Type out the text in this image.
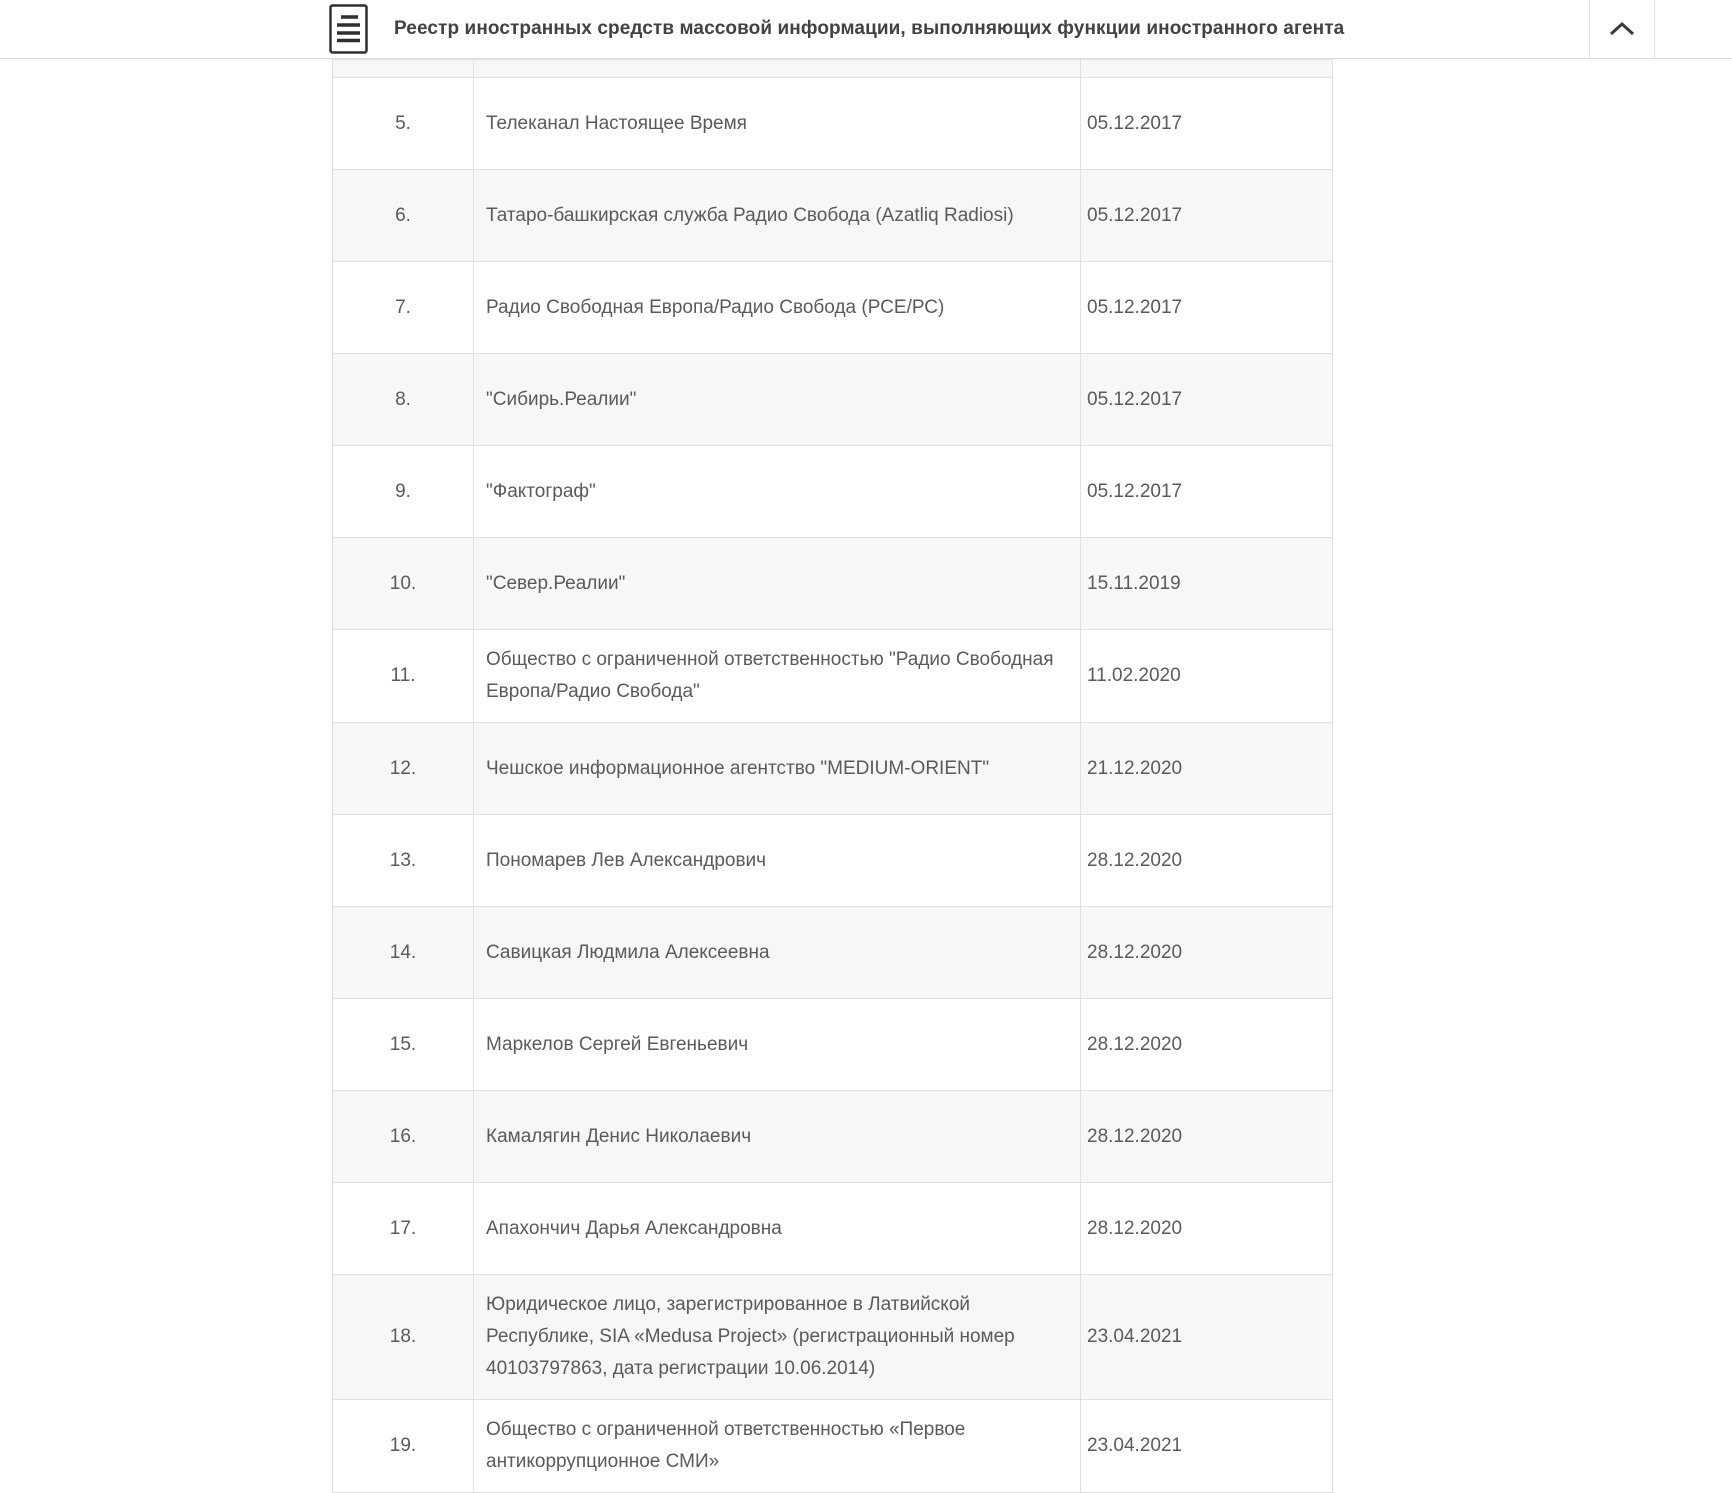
Реестр иностранных средств массовой информации, выполняющих функции иностранного агента

5.	Телеканал Настоящее Время	05.12.2017
6.	Татаро-башкирская служба Радио Свобода (Azatliq Radiosi)	05.12.2017
7.	Радио Свободная Европа/Радио Свобода (РСЕ/РС)	05.12.2017
8.	"Сибирь.Реалии"	05.12.2017
9.	"Фактограф"	05.12.2017
10.	"Север.Реалии"	15.11.2019
11.	Общество с ограниченной ответственностью "Радио Свободная Европа/Радио Свобода"	11.02.2020
12.	Чешское информационное агентство "MEDIUM-ORIENT"	21.12.2020
13.	Пономарев Лев Александрович	28.12.2020
14.	Савицкая Людмила Алексеевна	28.12.2020
15.	Маркелов Сергей Евгеньевич	28.12.2020
16.	Камалягин Денис Николаевич	28.12.2020
17.	Апахончич Дарья Александровна	28.12.2020
18.	Юридическое лицо, зарегистрированное в Латвийской Республике, SIA «Medusa Project» (регистрационный номер 40103797863, дата регистрации 10.06.2014)	23.04.2021
19.	Общество с ограниченной ответственностью «Первое антикоррупционное СМИ»	23.04.2021
